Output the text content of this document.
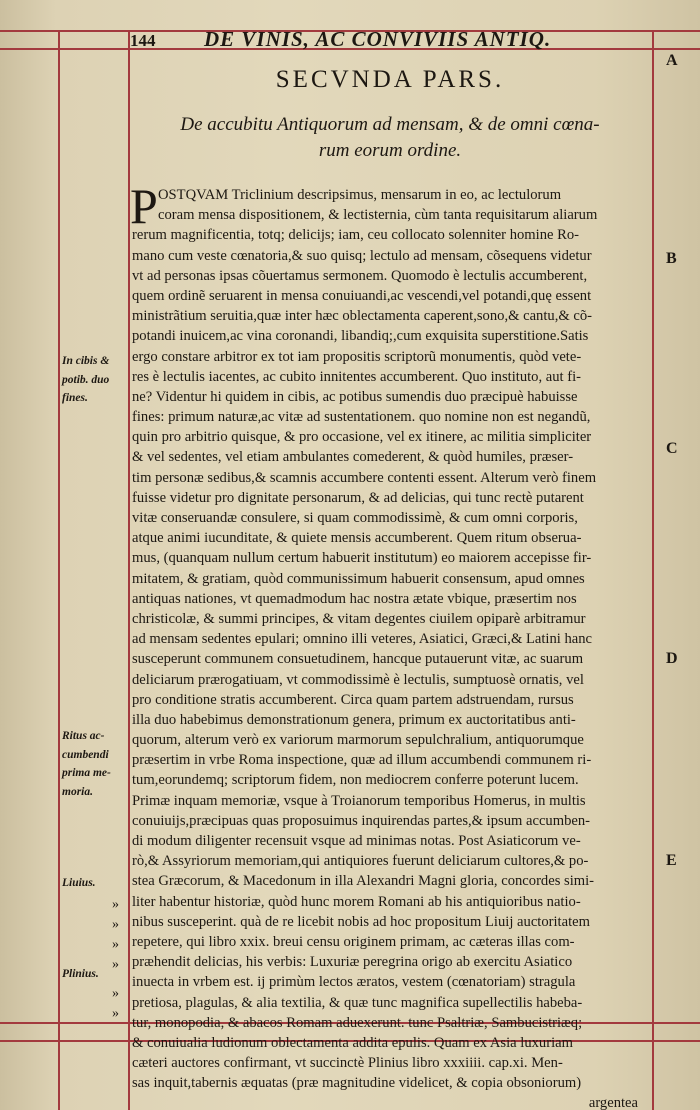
144 DE VINIS, AC CONVIVIIS ANTIQ.
SECVNDA PARS.
De accubitu Antiquorum ad mensam, & de omni cœna-
rum eorum ordine.
P OSTQVAM Triclinium descripsimus, mensarum in eo, ac lectulorum
coram mensa dispositionem, & lectisternia, cùm tanta requisitarum aliarum
rerum magnificentia, totq; delicijs; iam, ceu collocato solenniter homine Ro-
mano cum veste cœnatoria,& suo quisq; lectulo ad mensam, cõsequens videtur
vt ad personas ipsas cõuertamus sermonem. Quomodo è lectulis accumberent,
quem ordinẽ seruarent in mensa conuiuandi,ac vescendi,vel potandi,quę essent
ministrãtium seruitia,quæ inter hæc oblectamenta caperent,sono,& cantu,& cõ-
potandi inuicem,ac vina coronandi, libandiq;,cum exquisita superstitione.Satis
ergo constare arbitror ex tot iam propositis scriptorũ monumentis, quòd vete-
res è lectulis iacentes, ac cubito innitentes accumberent. Quo instituto, aut fi-
ne? Videntur hi quidem in cibis, ac potibus sumendis duo præcipuè habuisse
fines: primum naturæ,ac vitæ ad sustentationem. quo nomine non est negandũ,
quin pro arbitrio quisque, & pro occasione, vel ex itinere, ac militia simpliciter
& vel sedentes, vel etiam ambulantes comederent, & quòd humiles, præser-
tim personæ sedibus,& scamnis accumbere contenti essent. Alterum verò finem
fuisse videtur pro dignitate personarum, & ad delicias, qui tunc rectè putarent
vitæ conseruandæ consulere, si quam commodissimè, & cum omni corporis,
atque animi iucunditate, & quiete mensis accumberent. Quem ritum obserua-
mus, (quanquam nullum certum habuerit institutum) eo maiorem accepisse fir-
mitatem, & gratiam, quòd communissimum habuerit consensum, apud omnes
antiquas nationes, vt quemadmodum hac nostra ætate vbique, præsertim nos
christicolæ, & summi principes, & vitam degentes ciuilem opiparè arbitramur
ad mensam sedentes epulari; omnino illi veteres, Asiatici, Græci,& Latini hanc
susceperunt communem consuetudinem, hancque putauerunt vitæ, ac suarum
deliciarum prærogatiuam, vt commodissimè è lectulis, sumptuosè ornatis, vel
pro conditione stratis accumberent. Circa quam partem adstruendam, rursus
illa duo habebimus demonstrationum genera, primum ex auctoritatibus anti-
quorum, alterum verò ex variorum marmorum sepulchralium, antiquorumque
præsertim in vrbe Roma inspectione, quæ ad illum accumbendi communem ri-
tum,eorundemq; scriptorum fidem, non mediocrem conferre poterunt lucem.
Primæ inquam memoriæ, vsque à Troianorum temporibus Homerus, in multis
conuiuijs,præcipuas quas proposuimus inquirendas partes,& ipsum accumben-
di modum diligenter recensuit vsque ad minimas notas. Post Asiaticorum ve-
rò,& Assyriorum memoriam,qui antiquiores fuerunt deliciarum cultores,& po-
stea Græcorum, & Macedonum in illa Alexandri Magni gloria, concordes simi-
liter habentur historiæ, quòd hunc morem Romani ab his antiquioribus natio-
nibus susceperint. quà de re licebit nobis ad hoc propositum Liuij auctoritatem
repetere, qui libro xxix. breui censu originem primam, ac cæteras illas com-
præhendit delicias, his verbis: Luxuriæ peregrina origo ab exercitu Asiatico
inuecta in vrbem est. ij primùm lectos æratos, vestem (cœnatoriam) stragula
pretiosa, plagulas, & alia textilia, & quæ tunc magnifica supellectilis habeba-
tur, monopodia, & abacos Romam aduexerunt. tunc Psaltriæ, Sambucistriæq;
& conuiualia ludionum oblectamenta addita epulis. Quam ex Asia luxuriam
cæteri auctores confirmant, vt succinctè Plinius libro xxxiiii. cap.xi. Men-
sas inquit,tabernis æquatas (præ magnitudine videlicet, & copia obsoniorum)
argentea
In cibis &
potib. duo
fines.
Ritus ac-
cumbendi
prima me-
moria.
Liuius.
Plinius.
»
»
»
»
»
»
A
B
C
D
E
